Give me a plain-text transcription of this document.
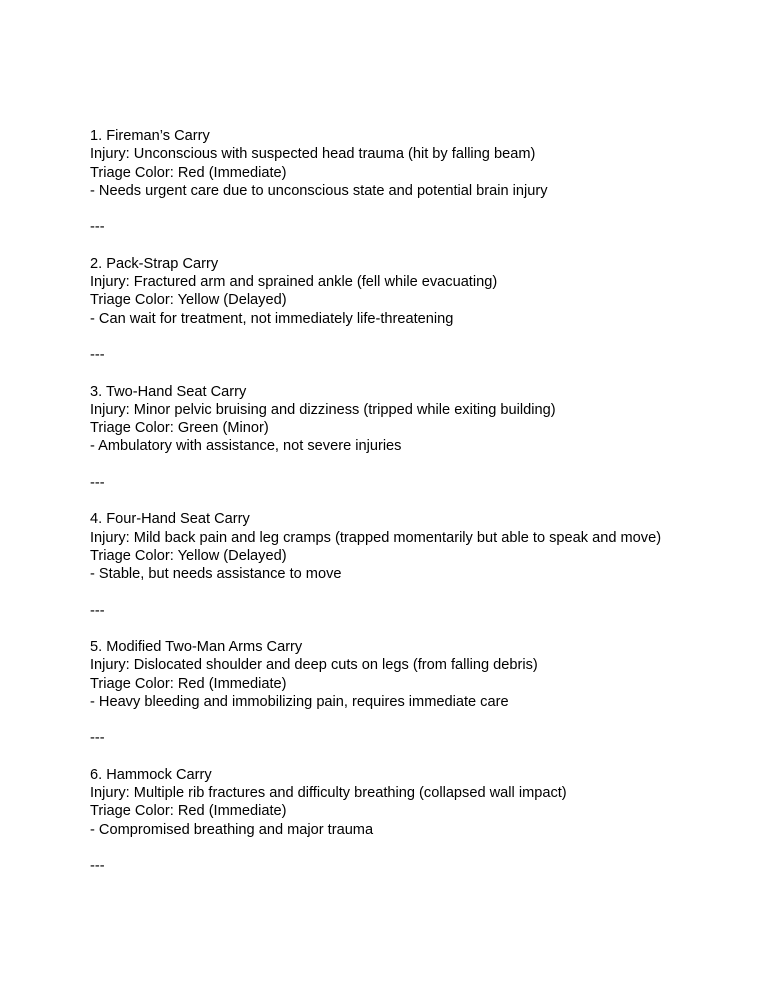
1. Fireman’s Carry
Injury: Unconscious with suspected head trauma (hit by falling beam)
Triage Color: Red (Immediate)
- Needs urgent care due to unconscious state and potential brain injury
---
2. Pack-Strap Carry
Injury: Fractured arm and sprained ankle (fell while evacuating)
Triage Color: Yellow (Delayed)
- Can wait for treatment, not immediately life-threatening
---
3. Two-Hand Seat Carry
Injury: Minor pelvic bruising and dizziness (tripped while exiting building)
Triage Color: Green (Minor)
- Ambulatory with assistance, not severe injuries
---
4. Four-Hand Seat Carry
Injury: Mild back pain and leg cramps (trapped momentarily but able to speak and move)
Triage Color: Yellow (Delayed)
- Stable, but needs assistance to move
---
5. Modified Two-Man Arms Carry
Injury: Dislocated shoulder and deep cuts on legs (from falling debris)
Triage Color: Red (Immediate)
- Heavy bleeding and immobilizing pain, requires immediate care
---
6. Hammock Carry
Injury: Multiple rib fractures and difficulty breathing (collapsed wall impact)
Triage Color: Red (Immediate)
- Compromised breathing and major trauma
---
